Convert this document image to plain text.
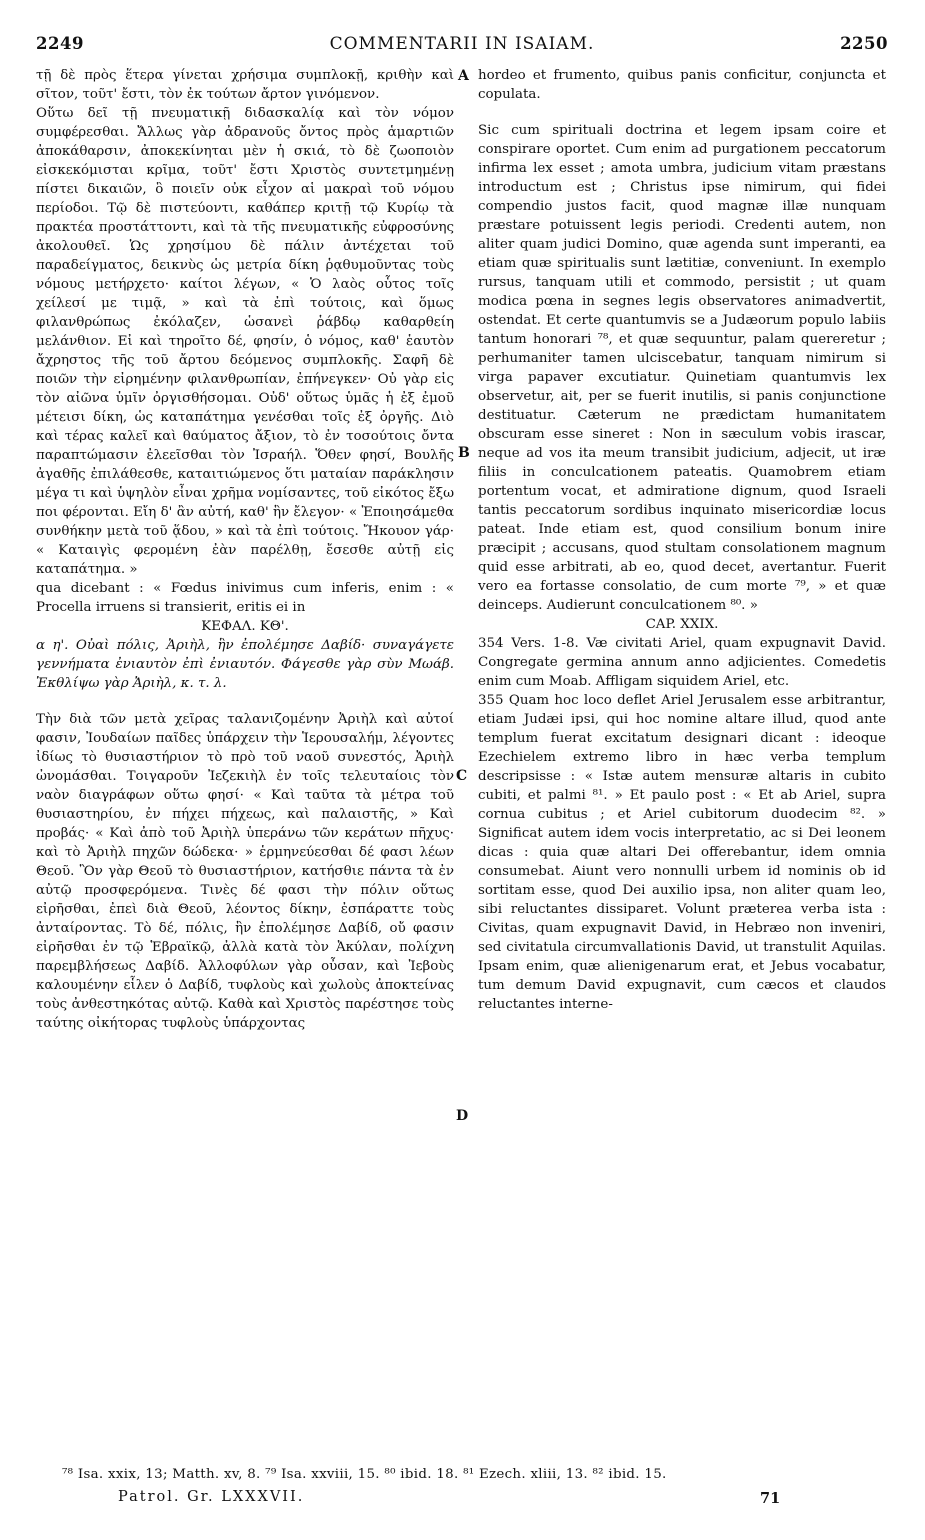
2249	COMMENTARII IN ISAIAM.	2250
A
B
C
D

τῇ δὲ πρὸς ἕτερα γίνεται χρήσιμα συμπλοκῇ, κριθὴν καὶ σῖτον, τοῦτ' ἔστι, τὸν ἐκ τούτων ἄρτον γινόμενον.

Οὕτω δεῖ τῇ πνευματικῇ διδασκαλίᾳ καὶ τὸν νόμον συμφέρεσθαι. Ἄλλως γὰρ ἀδρανοῦς ὄντος πρὸς ἁμαρτιῶν ἀποκάθαρσιν, ἀποκεκίνηται μὲν ἡ σκιά, τὸ δὲ ζωοποιὸν εἰσκεκόμισται κρῖμα, τοῦτ' ἔστι Χριστὸς συντετμημένῃ πίστει δικαιῶν, ὃ ποιεῖν οὐκ εἶχον αἱ μακραὶ τοῦ νόμου περίοδοι. Τῷ δὲ πιστεύοντι, καθάπερ κριτῇ τῷ Κυρίῳ τὰ πρακτέα προστάττοντι, καὶ τὰ τῆς πνευματικῆς εὐφροσύνης ἀκολουθεῖ. Ὡς χρησίμου δὲ πάλιν ἀντέχεται τοῦ παραδείγματος, δεικνὺς ὡς μετρία δίκη ῥᾳθυμοῦντας τοὺς νόμους μετήρχετο· καίτοι λέγων, « Ὁ λαὸς οὗτος τοῖς χείλεσί με τιμᾷ, » καὶ τὰ ἐπὶ τούτοις, καὶ ὅμως φιλανθρώπως ἐκόλαζεν, ὡσανεὶ ῥάβδῳ καθαρθείη μελάνθιον. Εἰ καὶ τηροῖτο δέ, φησίν, ὁ νόμος, καθ' ἑαυτὸν ἄχρηστος τῆς τοῦ ἄρτου δεόμενος συμπλοκῆς. Σαφῆ δὲ ποιῶν τὴν εἰρημένην φιλανθρωπίαν, ἐπήνεγκεν· Οὐ γὰρ εἰς τὸν αἰῶνα ὑμῖν ὀργισθήσομαι. Οὐδ' οὕτως ὑμᾶς ἡ ἐξ ἐμοῦ μέτεισι δίκη, ὡς καταπάτημα γενέσθαι τοῖς ἐξ ὀργῆς. Διὸ καὶ τέρας καλεῖ καὶ θαύματος ἄξιον, τὸ ἐν τοσούτοις ὄντα παραπτώμασιν ἐλεεῖσθαι τὸν Ἰσραήλ. Ὅθεν φησί, Βουλῆς ἀγαθῆς ἐπιλάθεσθε, καταιτιώμενος ὅτι ματαίαν παράκλησιν μέγα τι καὶ ὑψηλὸν εἶναι χρῆμα νομίσαντες, τοῦ εἰκότος ἔξω ποι φέρονται. Εἴη δ' ἂν αὐτή, καθ' ἣν ἔλεγον· « Ἐποιησάμεθα συνθήκην μετὰ τοῦ ᾅδου, » καὶ τὰ ἐπὶ τούτοις. Ἤκουον γάρ· « Καταιγὶς φερομένη ἐὰν παρέλθῃ, ἔσεσθε αὐτῇ εἰς καταπάτημα. »

qua dicebant : « Fœdus inivimus cum inferis, enim : « Procella irruens si transierit, eritis ei in

ΚΕΦΑΛ. ΚΘ'.

α η'. Οὐαὶ πόλις, Ἀριὴλ, ἣν ἐπολέμησε Δαβίδ· συναγάγετε γεννήματα ἐνιαυτὸν ἐπὶ ἐνιαυτόν. Φάγεσθε γὰρ σὺν Μωάβ. Ἐκθλίψω γὰρ Ἀριὴλ, κ. τ. λ.

Τὴν διὰ τῶν μετὰ χεῖρας ταλανιζομένην Ἀριὴλ καὶ αὐτοί φασιν, Ἰουδαίων παῖδες ὑπάρχειν τὴν Ἱερουσαλήμ, λέγοντες ἰδίως τὸ θυσιαστήριον τὸ πρὸ τοῦ ναοῦ συνεστός, Ἀριὴλ ὠνομάσθαι. Τοιγαροῦν Ἰεζεκιὴλ ἐν τοῖς τελευταίοις τὸν ναὸν διαγράφων οὕτω φησί· « Καὶ ταῦτα τὰ μέτρα τοῦ θυσιαστηρίου, ἐν πήχει πήχεως, καὶ παλαιστῆς, » Καὶ προβάς· « Καὶ ἀπὸ τοῦ Ἀριὴλ ὑπεράνω τῶν κεράτων πῆχυς· καὶ τὸ Ἀριὴλ πηχῶν δώδεκα· » ἑρμηνεύεσθαι δέ φασι λέων Θεοῦ. Ὃν γὰρ Θεοῦ τὸ θυσιαστήριον, κατήσθιε πάντα τὰ ἐν αὐτῷ προσφερόμενα. Τινὲς δέ φασι τὴν πόλιν οὕτως εἰρῆσθαι, ἐπεὶ διὰ Θεοῦ, λέοντος δίκην, ἐσπάραττε τοὺς ἀνταίροντας. Τὸ δέ, πόλις, ἣν ἐπολέμησε Δαβίδ, οὔ φασιν εἰρῆσθαι ἐν τῷ Ἑβραϊκῷ, ἀλλὰ κατὰ τὸν Ἀκύλαν, πολίχνη παρεμβλήσεως Δαβίδ. Ἀλλοφύλων γὰρ οὖσαν, καὶ Ἰεβοὺς καλουμένην εἷλεν ὁ Δαβίδ, τυφλοὺς καὶ χωλοὺς ἀποκτείνας τοὺς ἀνθεστηκότας αὐτῷ. Καθὰ καὶ Χριστὸς παρέστησε τοὺς ταύτης οἰκήτορας τυφλοὺς ὑπάρχοντας

hordeo et frumento, quibus panis conficitur, conjuncta et copulata.

Sic cum spirituali doctrina et legem ipsam coire et conspirare oportet. Cum enim ad purgationem peccatorum infirma lex esset ; amota umbra, judicium vitam præstans introductum est ; Christus ipse nimirum, qui fidei compendio justos facit, quod magnæ illæ nunquam præstare potuissent legis periodi. Credenti autem, non aliter quam judici Domino, quæ agenda sunt imperanti, ea etiam quæ spiritualis sunt lætitiæ, conveniunt. In exemplo rursus, tanquam utili et commodo, persistit ; ut quam modica pœna in segnes legis observatores animadvertit, ostendat. Et certe quantumvis se a Judæorum populo labiis tantum honorari ⁷⁸, et quæ sequuntur, palam quereretur ; perhumaniter tamen ulciscebatur, tanquam nimirum si virga papaver excutiatur. Quinetiam quantumvis lex observetur, ait, per se fuerit inutilis, si panis conjunctione destituatur. Cæterum ne prædictam humanitatem obscuram esse sineret : Non in sæculum vobis irascar, neque ad vos ita meum transibit judicium, adjecit, ut iræ filiis in conculcationem pateatis. Quamobrem etiam portentum vocat, et admiratione dignum, quod Israeli tantis peccatorum sordibus inquinato misericordiæ locus pateat. Inde etiam est, quod consilium bonum inire præcipit ; accusans, quod stultam consolationem magnum quid esse arbitrati, ab eo, quod decet, avertantur. Fuerit vero ea fortasse consolatio, de cum morte ⁷⁹, » et quæ deinceps. Audierunt conculcationem ⁸⁰. »

CAP. XXIX.

354 Vers. 1-8. Væ civitati Ariel, quam expugnavit David. Congregate germina annum anno adjicientes. Comedetis enim cum Moab. Affligam siquidem Ariel, etc.

355 Quam hoc loco deflet Ariel Jerusalem esse arbitrantur, etiam Judæi ipsi, qui hoc nomine altare illud, quod ante templum fuerat excitatum designari dicant : ideoque Ezechielem extremo libro in hæc verba templum descripsisse : « Istæ autem mensuræ altaris in cubito cubiti, et palmi ⁸¹. » Et paulo post : « Et ab Ariel, supra cornua cubitus ; et Ariel cubitorum duodecim ⁸². » Significat autem idem vocis interpretatio, ac si Dei leonem dicas : quia quæ altari Dei offerebantur, idem omnia consumebat. Aiunt vero nonnulli urbem id nominis ob id sortitam esse, quod Dei auxilio ipsa, non aliter quam leo, sibi reluctantes dissiparet. Volunt præterea verba ista : Civitas, quam expugnavit David, in Hebræo non inveniri, sed civitatula circumvallationis David, ut transtulit Aquilas. Ipsam enim, quæ alienigenarum erat, et Jebus vocabatur, tum demum David expugnavit, cum cæcos et claudos reluctantes interne-

⁷⁸ Isa. xxix, 13; Matth. xv, 8. ⁷⁹ Isa. xxviii, 15. ⁸⁰ ibid. 18. ⁸¹ Ezech. xliii, 13. ⁸² ibid. 15.
Patrol. Gr. LXXXVII.	71
